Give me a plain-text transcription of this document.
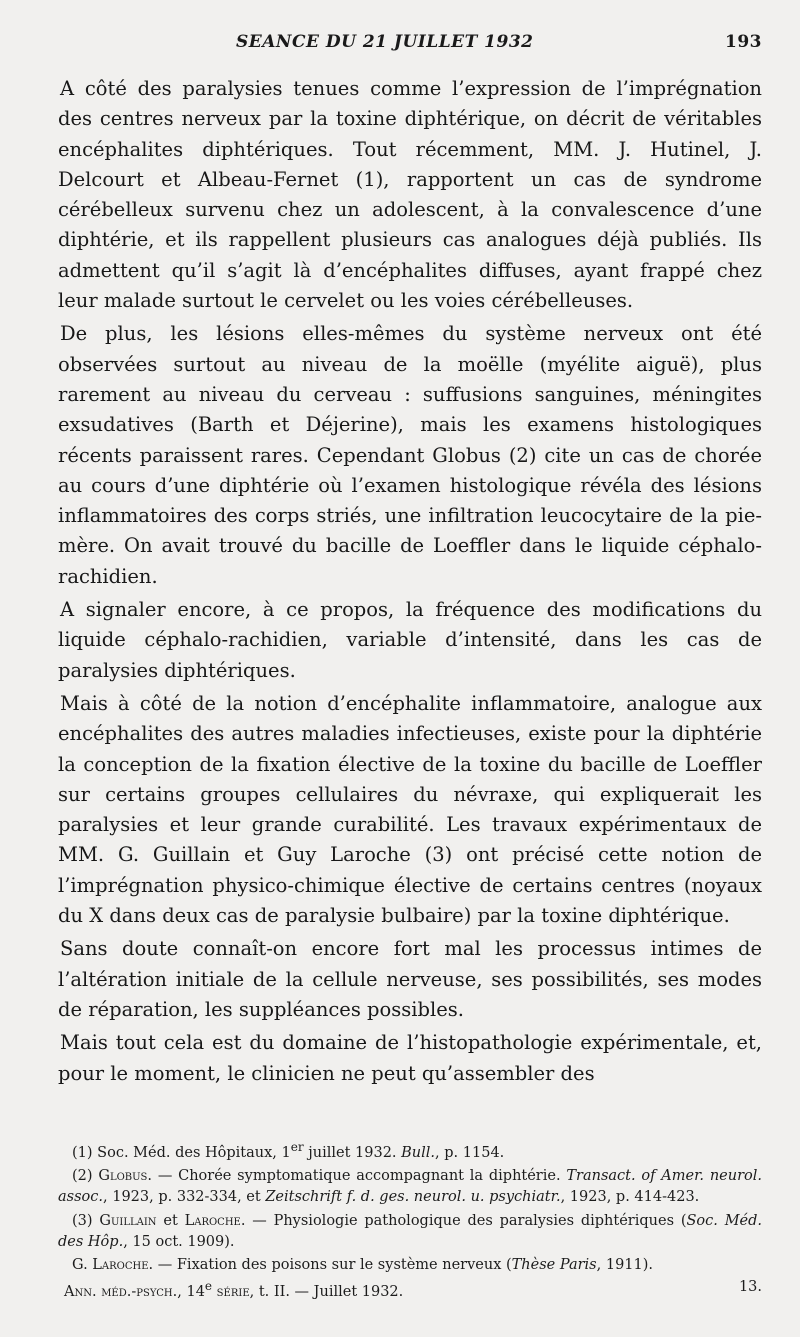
SEANCE DU 21 JUILLET 1932	193

A côté des paralysies tenues comme l’expression de l’imprégnation des centres nerveux par la toxine diphtérique, on décrit de véritables encéphalites diphtériques. Tout récemment, MM. J. Hutinel, J. Delcourt et Albeau-Fernet (1), rapportent un cas de syndrome cérébelleux survenu chez un adolescent, à la convalescence d’une diphtérie, et ils rappellent plusieurs cas analogues déjà publiés. Ils admettent qu’il s’agit là d’encéphalites diffuses, ayant frappé chez leur malade surtout le cervelet ou les voies cérébelleuses.

De plus, les lésions elles-mêmes du système nerveux ont été observées surtout au niveau de la moëlle (myélite aiguë), plus rarement au niveau du cerveau : suffusions sanguines, méningites exsudatives (Barth et Déjerine), mais les examens histologiques récents paraissent rares. Cependant Globus (2) cite un cas de chorée au cours d’une diphtérie où l’examen histologique révéla des lésions inflammatoires des corps striés, une infiltration leucocytaire de la pie-mère. On avait trouvé du bacille de Loeffler dans le liquide céphalo-rachidien.

A signaler encore, à ce propos, la fréquence des modifications du liquide céphalo-rachidien, variable d’intensité, dans les cas de paralysies diphtériques.

Mais à côté de la notion d’encéphalite inflammatoire, analogue aux encéphalites des autres maladies infectieuses, existe pour la diphtérie la conception de la fixation élective de la toxine du bacille de Loeffler sur certains groupes cellulaires du névraxe, qui expliquerait les paralysies et leur grande curabilité. Les travaux expérimentaux de MM. G. Guillain et Guy Laroche (3) ont précisé cette notion de l’imprégnation physico-chimique élective de certains centres (noyaux du X dans deux cas de paralysie bulbaire) par la toxine diphtérique.

Sans doute connaît-on encore fort mal les processus intimes de l’altération initiale de la cellule nerveuse, ses possibilités, ses modes de réparation, les suppléances possibles.

Mais tout cela est du domaine de l’histopathologie expérimentale, et, pour le moment, le clinicien ne peut qu’assembler des

(1) Soc. Méd. des Hôpitaux, 1er juillet 1932. Bull., p. 1154.

(2) Globus. — Chorée symptomatique accompagnant la diphtérie. Transact. of Amer. neurol. assoc., 1923, p. 332-334, et Zeitschrift f. d. ges. neurol. u. psychiatr., 1923, p. 414-423.

(3) Guillain et Laroche. — Physiologie pathologique des paralysies diphtériques (Soc. Méd. des Hôp., 15 oct. 1909).

G. Laroche. — Fixation des poisons sur le système nerveux (Thèse Paris, 1911).

Ann. méd.-psych., 14e série, t. II. — Juillet 1932.	13.
